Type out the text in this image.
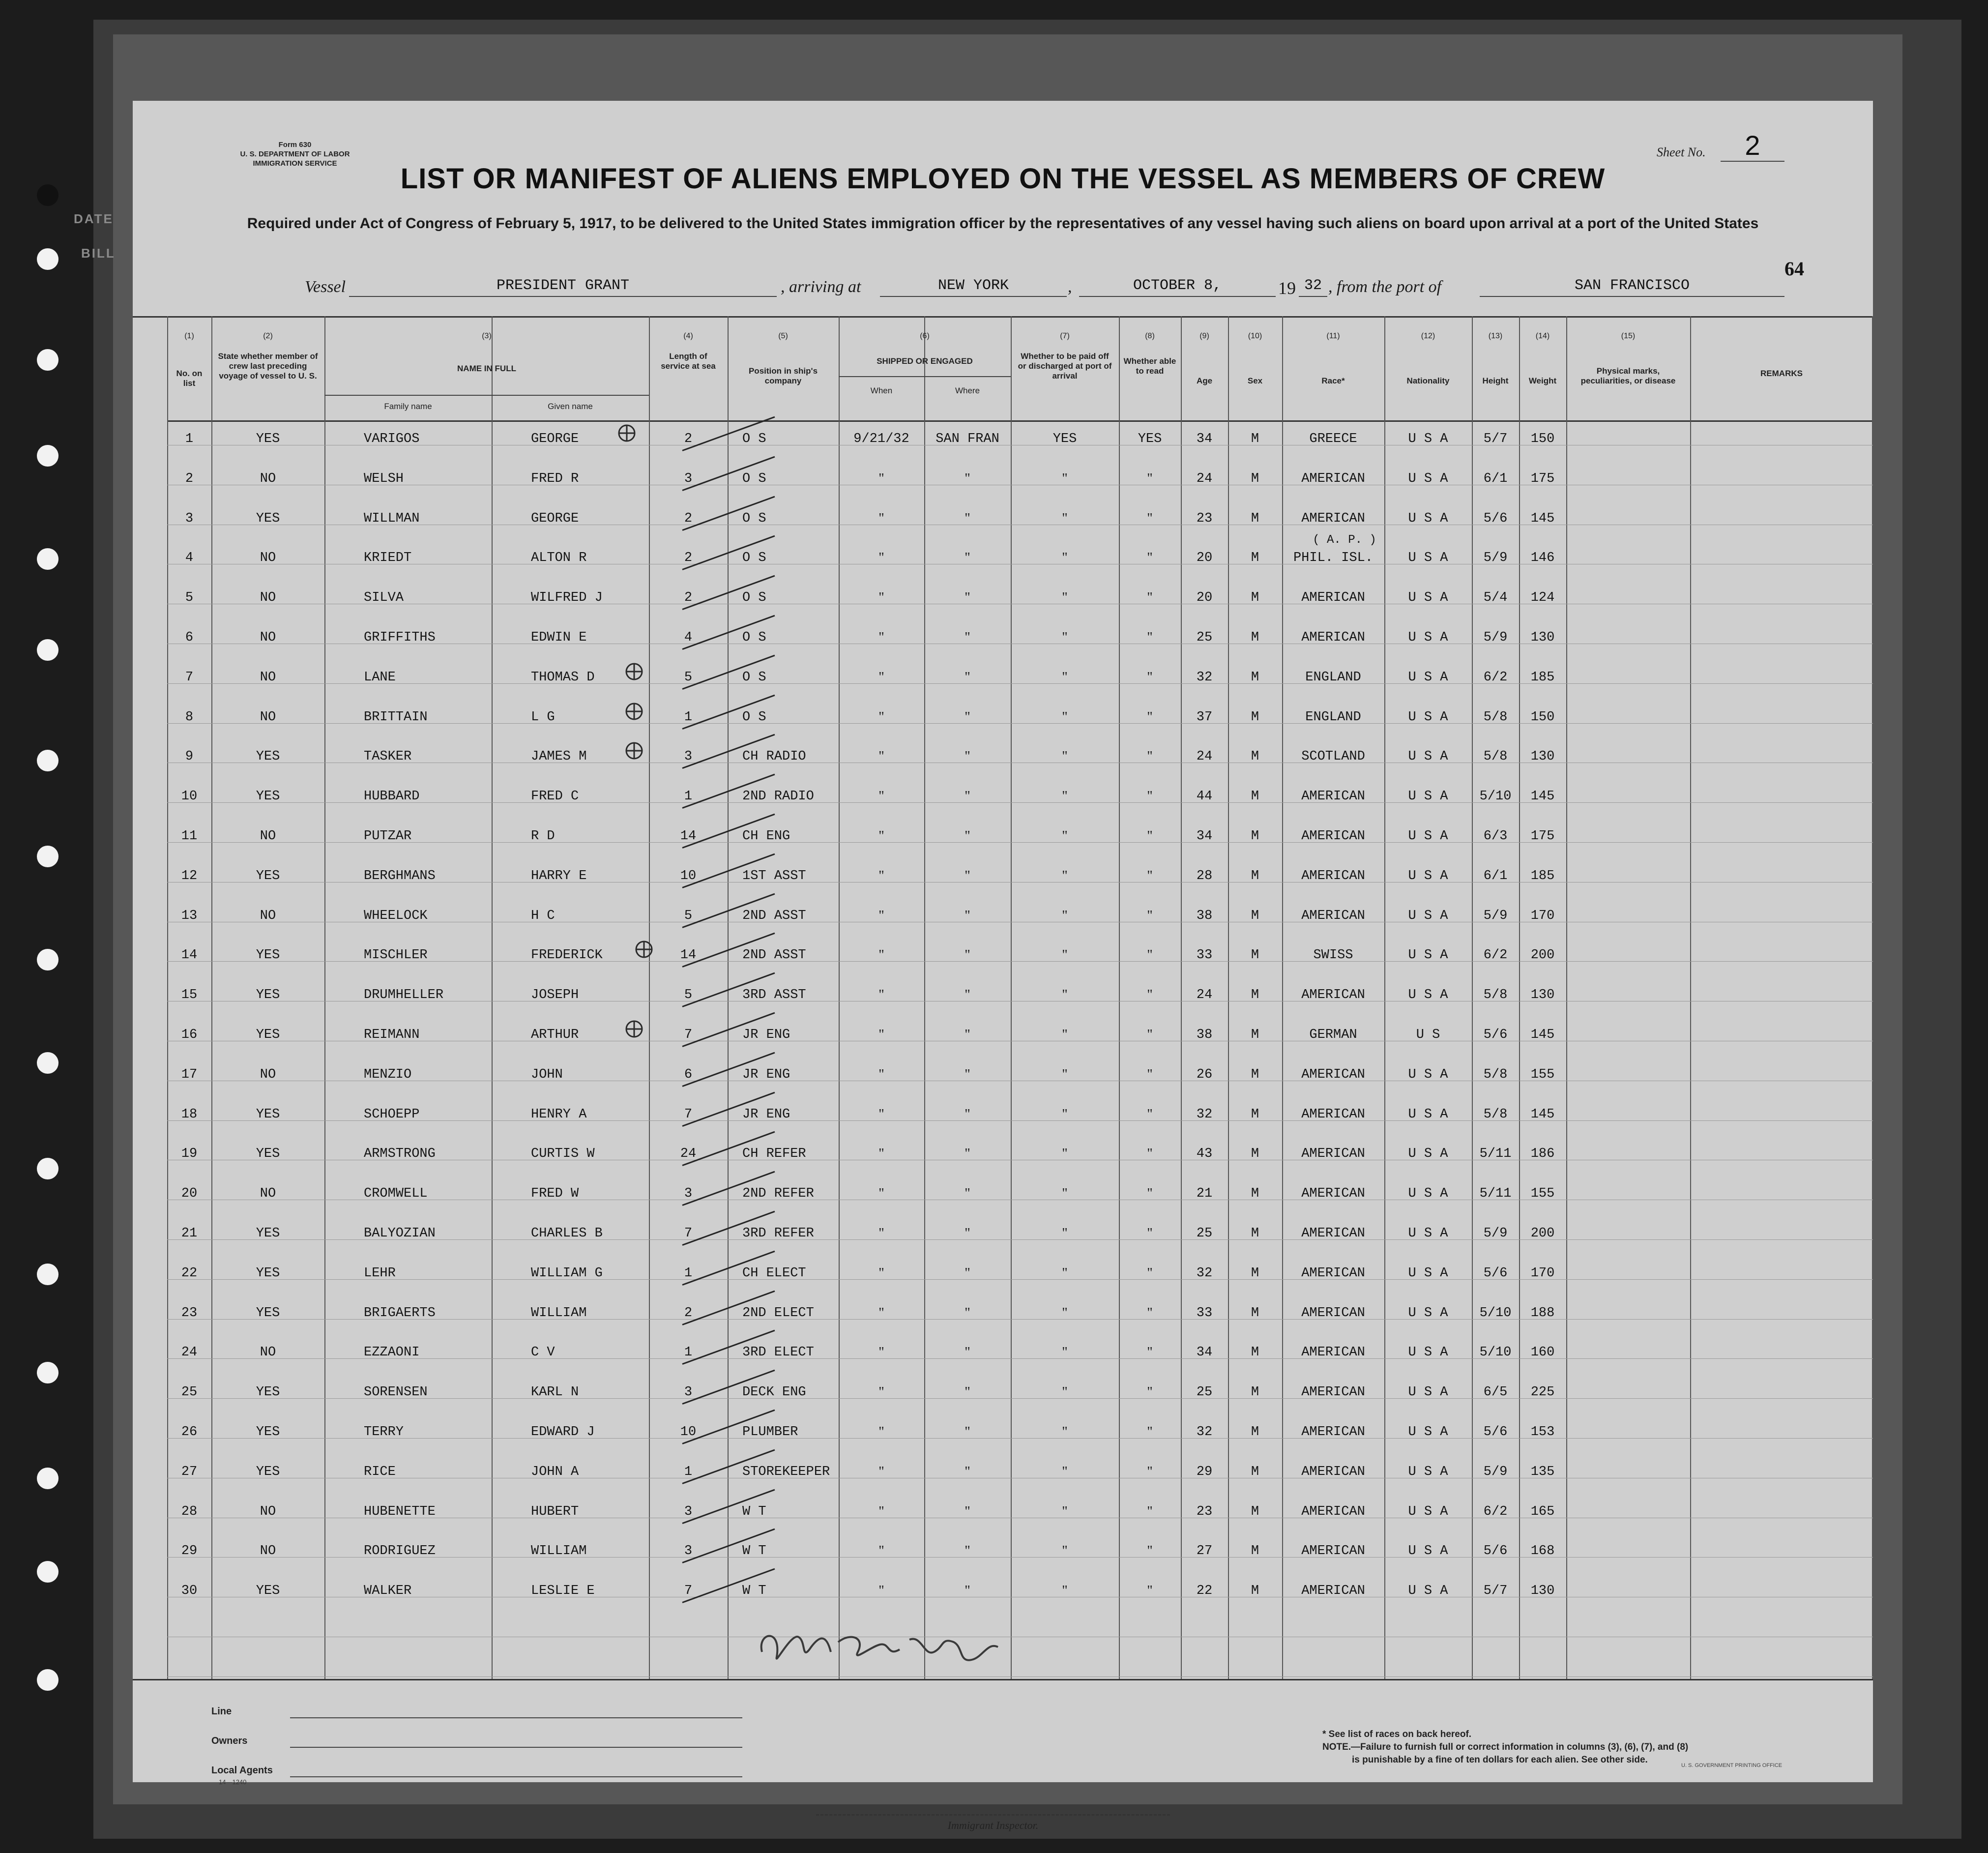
DATE
BILL
Form 630
U. S. DEPARTMENT OF LABOR
IMMIGRATION SERVICE
Sheet No.	2
LIST OR MANIFEST OF ALIENS EMPLOYED ON THE VESSEL AS MEMBERS OF CREW
Required under Act of Congress of February 5, 1917, to be delivered to the United States immigration officer by the representatives of any vessel having such aliens on board upon arrival at a port of the United States
64
Vessel	PRESIDENT GRANT	, arriving at	NEW YORK	,	OCTOBER 8,	19 32 , from the port of	SAN FRANCISCO
(1)
No. on list
(2)
State whether member of crew last preceding voyage of vessel to U. S.
(3)
NAME IN FULL
Family name	Given name
(4)
Length of service at sea
(5)
Position in ship's company
(6)
SHIPPED OR ENGAGED
When	Where
(7)
Whether to be paid off or discharged at port of arrival
(8)
Whether able to read
(9)
Age
(10)
Sex
(11)
Race*
(12)
Nationality
(13)
Height
(14)
Weight
(15)
Physical marks, peculiarities, or disease
REMARKS
1	YES	VARIGOS	GEORGE	2	O S	9/21/32	SAN FRAN	YES	YES	34	M	GREECE	U S A	5/7	150
2	NO	WELSH	FRED R	3	O S	"	"	"	"	24	M	AMERICAN	U S A	6/1	175
3	YES	WILLMAN	GEORGE	2	O S	"	"	"	"	23	M	AMERICAN	U S A	5/6	145
4	NO	KRIEDT	ALTON R	2	O S	"	"	"	"	20	M	PHIL. ISL.	U S A	5/9	146
5	NO	SILVA	WILFRED J	2	O S	"	"	"	"	20	M	AMERICAN	U S A	5/4	124
6	NO	GRIFFITHS	EDWIN E	4	O S	"	"	"	"	25	M	AMERICAN	U S A	5/9	130
7	NO	LANE	THOMAS D	5	O S	"	"	"	"	32	M	ENGLAND	U S A	6/2	185
8	NO	BRITTAIN	L G	1	O S	"	"	"	"	37	M	ENGLAND	U S A	5/8	150
9	YES	TASKER	JAMES M	3	CH RADIO	"	"	"	"	24	M	SCOTLAND	U S A	5/8	130
10	YES	HUBBARD	FRED C	1	2ND RADIO	"	"	"	"	44	M	AMERICAN	U S A	5/10	145
11	NO	PUTZAR	R D	14	CH ENG	"	"	"	"	34	M	AMERICAN	U S A	6/3	175
12	YES	BERGHMANS	HARRY E	10	1ST ASST	"	"	"	"	28	M	AMERICAN	U S A	6/1	185
13	NO	WHEELOCK	H C	5	2ND ASST	"	"	"	"	38	M	AMERICAN	U S A	5/9	170
14	YES	MISCHLER	FREDERICK	14	2ND ASST	"	"	"	"	33	M	SWISS	U S A	6/2	200
15	YES	DRUMHELLER	JOSEPH	5	3RD ASST	"	"	"	"	24	M	AMERICAN	U S A	5/8	130
16	YES	REIMANN	ARTHUR	7	JR ENG	"	"	"	"	38	M	GERMAN	U S	5/6	145
17	NO	MENZIO	JOHN	6	JR ENG	"	"	"	"	26	M	AMERICAN	U S A	5/8	155
18	YES	SCHOEPP	HENRY A	7	JR ENG	"	"	"	"	32	M	AMERICAN	U S A	5/8	145
19	YES	ARMSTRONG	CURTIS W	24	CH REFER	"	"	"	"	43	M	AMERICAN	U S A	5/11	186
20	NO	CROMWELL	FRED W	3	2ND REFER	"	"	"	"	21	M	AMERICAN	U S A	5/11	155
21	YES	BALYOZIAN	CHARLES B	7	3RD REFER	"	"	"	"	25	M	AMERICAN	U S A	5/9	200
22	YES	LEHR	WILLIAM G	1	CH ELECT	"	"	"	"	32	M	AMERICAN	U S A	5/6	170
23	YES	BRIGAERTS	WILLIAM	2	2ND ELECT	"	"	"	"	33	M	AMERICAN	U S A	5/10	188
24	NO	EZZAONI	C V	1	3RD ELECT	"	"	"	"	34	M	AMERICAN	U S A	5/10	160
25	YES	SORENSEN	KARL N	3	DECK ENG	"	"	"	"	25	M	AMERICAN	U S A	6/5	225
26	YES	TERRY	EDWARD J	10	PLUMBER	"	"	"	"	32	M	AMERICAN	U S A	5/6	153
27	YES	RICE	JOHN A	1	STOREKEEPER	"	"	"	"	29	M	AMERICAN	U S A	5/9	135
28	NO	HUBENETTE	HUBERT	3	W T	"	"	"	"	23	M	AMERICAN	U S A	6/2	165
29	NO	RODRIGUEZ	WILLIAM	3	W T	"	"	"	"	27	M	AMERICAN	U S A	5/6	168
30	YES	WALKER	LESLIE E	7	W T	"	"	"	"	22	M	AMERICAN	U S A	5/7	130
( A. P. )
Line
Owners
Local Agents
14—1240
Immigrant Inspector.
* See list of races on back hereof.
NOTE.—Failure to furnish full or correct information in columns (3), (6), (7), and (8)
is punishable by a fine of ten dollars for each alien. See other side.
U. S. GOVERNMENT PRINTING OFFICE
